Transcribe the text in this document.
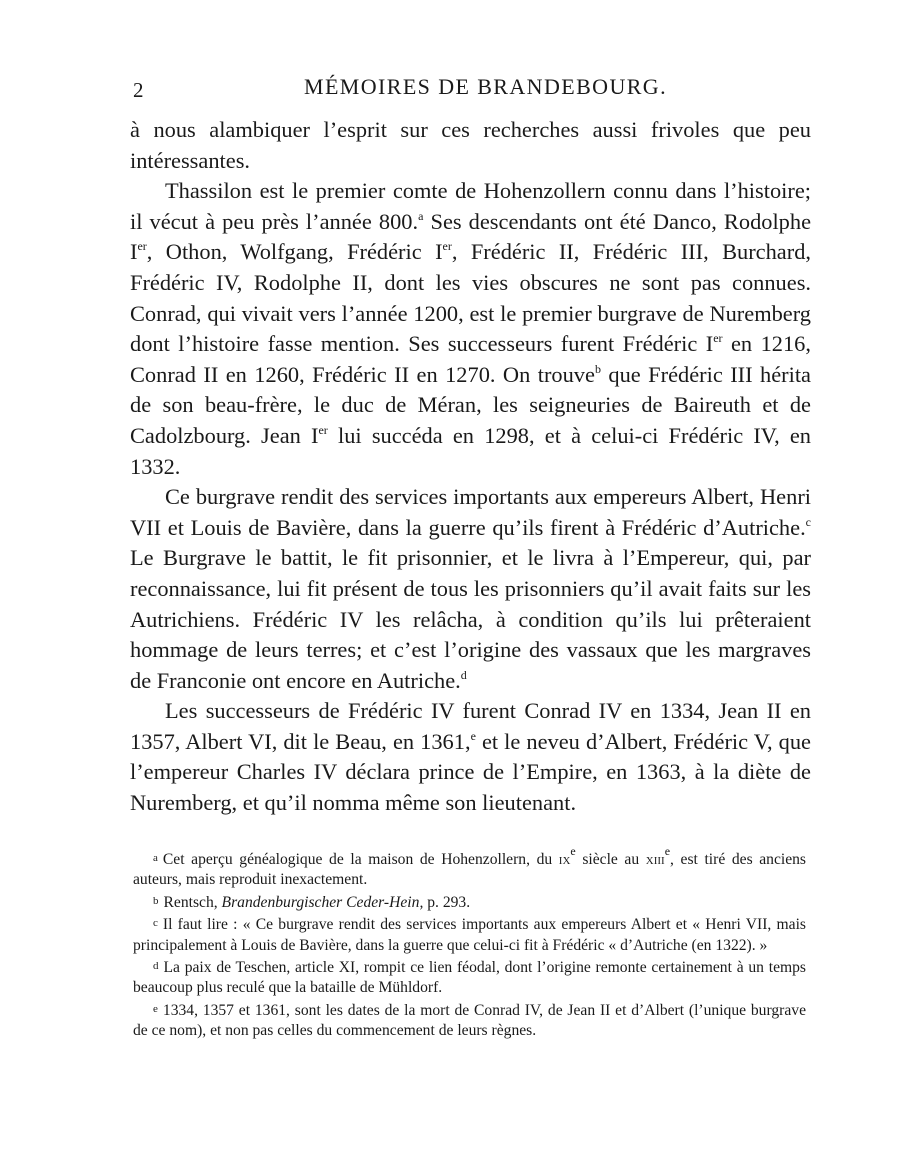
2	MÉMOIRES DE BRANDEBOURG.

à nous alambiquer l’esprit sur ces recherches aussi frivoles que peu intéressantes.

Thassilon est le premier comte de Hohenzollern connu dans l’histoire; il vécut à peu près l’année 800.$^a$ Ses descendants ont été Danco, Rodolphe Ier, Othon, Wolfgang, Frédéric Ier, Frédéric II, Frédéric III, Burchard, Frédéric IV, Rodolphe II, dont les vies obscures ne sont pas connues. Conrad, qui vivait vers l’année 1200, est le premier burgrave de Nuremberg dont l’histoire fasse mention. Ses successeurs furent Frédéric Ier en 1216, Conrad II en 1260, Frédéric II en 1270. On trouve$^b$ que Frédéric III hérita de son beau-frère, le duc de Méran, les seigneuries de Baireuth et de Cadolzbourg. Jean Ier lui succéda en 1298, et à celui-ci Frédéric IV, en 1332.

Ce burgrave rendit des services importants aux empereurs Albert, Henri VII et Louis de Bavière, dans la guerre qu’ils firent à Frédéric d’Autriche.$^c$ Le Burgrave le battit, le fit prisonnier, et le livra à l’Empereur, qui, par reconnaissance, lui fit présent de tous les prisonniers qu’il avait faits sur les Autrichiens. Frédéric IV les relâcha, à condition qu’ils lui prêteraient hommage de leurs terres; et c’est l’origine des vassaux que les margraves de Franconie ont encore en Autriche.$^d$

Les successeurs de Frédéric IV furent Conrad IV en 1334, Jean II en 1357, Albert VI, dit le Beau, en 1361,$^e$ et le neveu d’Albert, Frédéric V, que l’empereur Charles IV déclara prince de l’Empire, en 1363, à la diète de Nuremberg, et qu’il nomma même son lieutenant.

a Cet aperçu généalogique de la maison de Hohenzollern, du $ix^e$ siècle au xiii$^e$, est tiré des anciens auteurs, mais reproduit inexactement.

b Rentsch, Brandenburgischer Ceder-Hein, p. 293.

c Il faut lire : « Ce burgrave rendit des services importants aux empereurs Albert et « Henri VII, mais principalement à Louis de Bavière, dans la guerre que celui-ci fit à Frédéric « d’Autriche (en 1322). »

d La paix de Teschen, article XI, rompit ce lien féodal, dont l’origine remonte certainement à un temps beaucoup plus reculé que la bataille de Mühldorf.

e 1334, 1357 et 1361, sont les dates de la mort de Conrad IV, de Jean II et d’Albert (l’unique burgrave de ce nom), et non pas celles du commencement de leurs règnes.
